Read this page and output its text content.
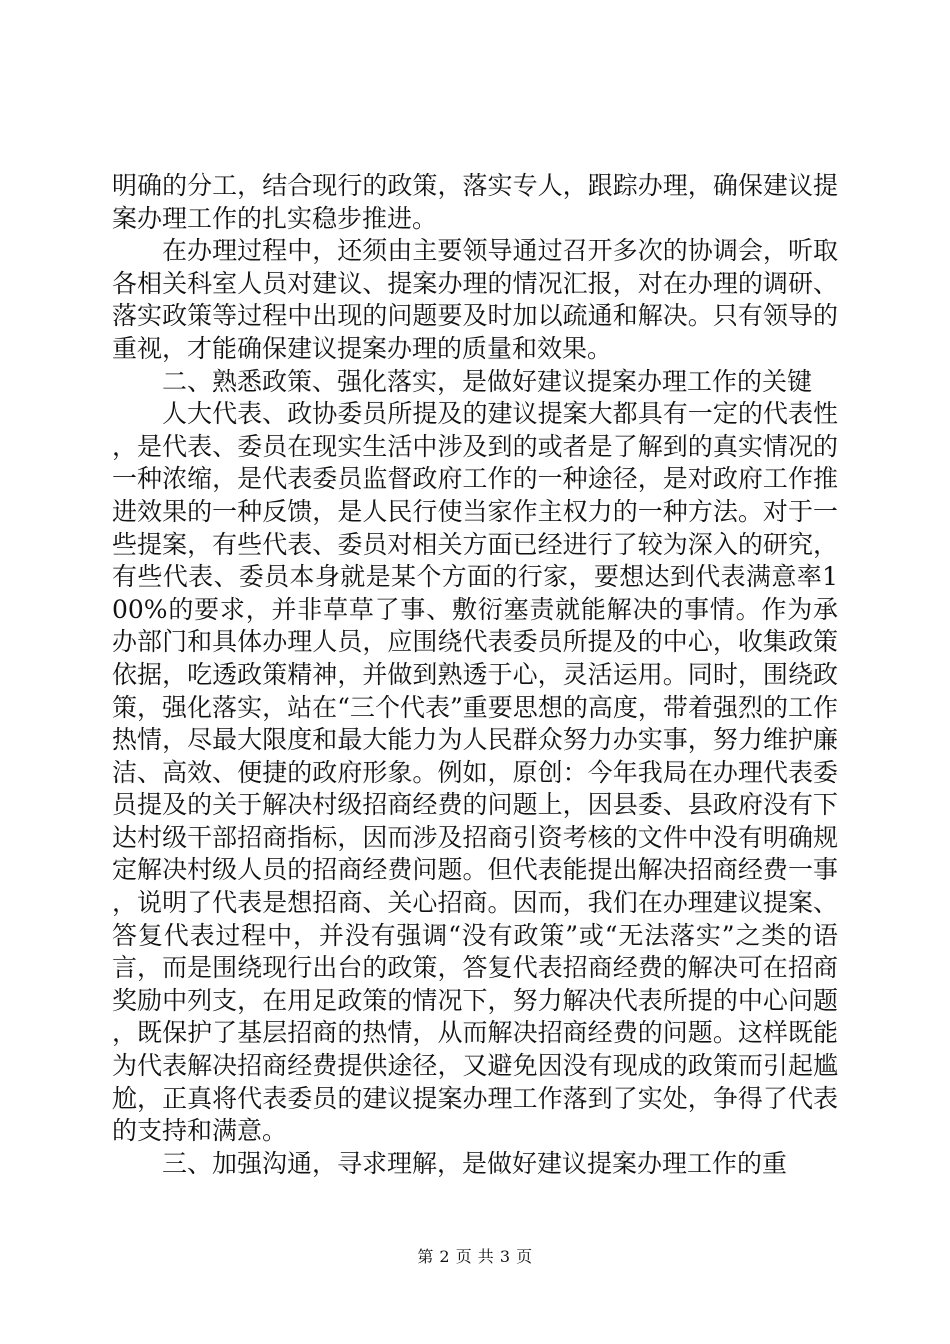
明确的分工，结合现行的政策，落实专人，跟踪办理，确保建议提案办理工作的扎实稳步推进。

在办理过程中，还须由主要领导通过召开多次的协调会，听取各相关科室人员对建议、提案办理的情况汇报，对在办理的调研、落实政策等过程中出现的问题要及时加以疏通和解决。只有领导的重视，才能确保建议提案办理的质量和效果。

二、熟悉政策、强化落实，是做好建议提案办理工作的关键

人大代表、政协委员所提及的建议提案大都具有一定的代表性，是代表、委员在现实生活中涉及到的或者是了解到的真实情况的一种浓缩，是代表委员监督政府工作的一种途径，是对政府工作推进效果的一种反馈，是人民行使当家作主权力的一种方法。对于一些提案，有些代表、委员对相关方面已经进行了较为深入的研究，有些代表、委员本身就是某个方面的行家，要想达到代表满意率100%的要求，并非草草了事、敷衍塞责就能解决的事情。作为承办部门和具体办理人员，应围绕代表委员所提及的中心，收集政策依据，吃透政策精神，并做到熟透于心，灵活运用。同时，围绕政策，强化落实，站在“三个代表”重要思想的高度，带着强烈的工作热情，尽最大限度和最大能力为人民群众努力办实事，努力维护廉洁、高效、便捷的政府形象。例如，原创：今年我局在办理代表委员提及的关于解决村级招商经费的问题上，因县委、县政府没有下达村级干部招商指标，因而涉及招商引资考核的文件中没有明确规定解决村级人员的招商经费问题。但代表能提出解决招商经费一事，说明了代表是想招商、关心招商。因而，我们在办理建议提案、答复代表过程中，并没有强调“没有政策”或“无法落实”之类的语言，而是围绕现行出台的政策，答复代表招商经费的解决可在招商奖励中列支，在用足政策的情况下，努力解决代表所提的中心问题，既保护了基层招商的热情，从而解决招商经费的问题。这样既能为代表解决招商经费提供途径，又避免因没有现成的政策而引起尴尬，正真将代表委员的建议提案办理工作落到了实处，争得了代表的支持和满意。

三、加强沟通，寻求理解，是做好建议提案办理工作的重

第 2 页 共 3 页
